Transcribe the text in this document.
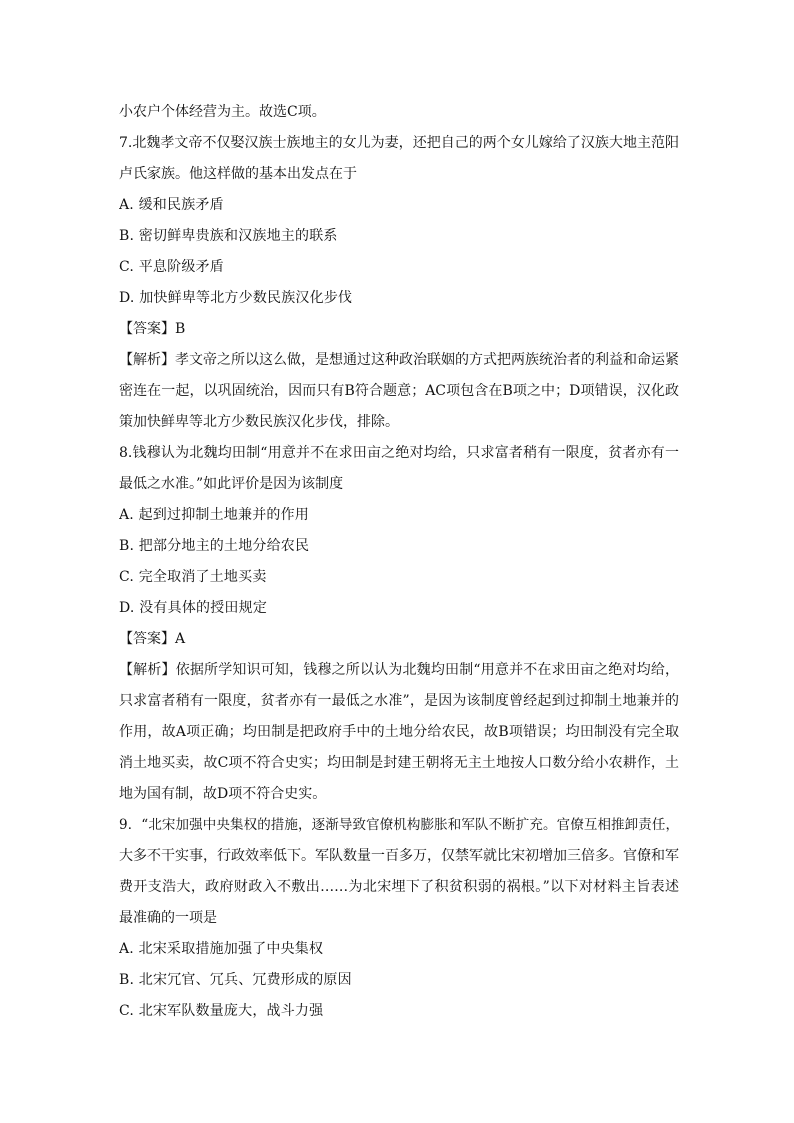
小农户个体经营为主。故选C项。
7.北魏孝文帝不仅娶汉族士族地主的女儿为妻，还把自己的两个女儿嫁给了汉族大地主范阳
卢氏家族。他这样做的基本出发点在于
A. 缓和民族矛盾
B. 密切鲜卑贵族和汉族地主的联系
C. 平息阶级矛盾
D. 加快鲜卑等北方少数民族汉化步伐
【答案】B
【解析】孝文帝之所以这么做，是想通过这种政治联姻的方式把两族统治者的利益和命运紧
密连在一起，以巩固统治，因而只有B符合题意；AC项包含在B项之中；D项错误，汉化政
策加快鲜卑等北方少数民族汉化步伐，排除。
8.钱穆认为北魏均田制“用意并不在求田亩之绝对均给，只求富者稍有一限度，贫者亦有一
最低之水准。”如此评价是因为该制度
A. 起到过抑制土地兼并的作用
B. 把部分地主的土地分给农民
C. 完全取消了土地买卖
D. 没有具体的授田规定
【答案】A
【解析】依据所学知识可知，钱穆之所以认为北魏均田制“用意并不在求田亩之绝对均给，
只求富者稍有一限度，贫者亦有一最低之水准”，是因为该制度曾经起到过抑制土地兼并的
作用，故A项正确；均田制是把政府手中的土地分给农民，故B项错误；均田制没有完全取
消土地买卖，故C项不符合史实；均田制是封建王朝将无主土地按人口数分给小农耕作，土
地为国有制，故D项不符合史实。
9．“北宋加强中央集权的措施，逐渐导致官僚机构膨胀和军队不断扩充。官僚互相推卸责任，
大多不干实事，行政效率低下。军队数量一百多万，仅禁军就比宋初增加三倍多。官僚和军
费开支浩大，政府财政入不敷出……为北宋埋下了积贫积弱的祸根。”以下对材料主旨表述
最准确的一项是
A. 北宋采取措施加强了中央集权
B. 北宋冗官、冗兵、冗费形成的原因
C. 北宋军队数量庞大，战斗力强
